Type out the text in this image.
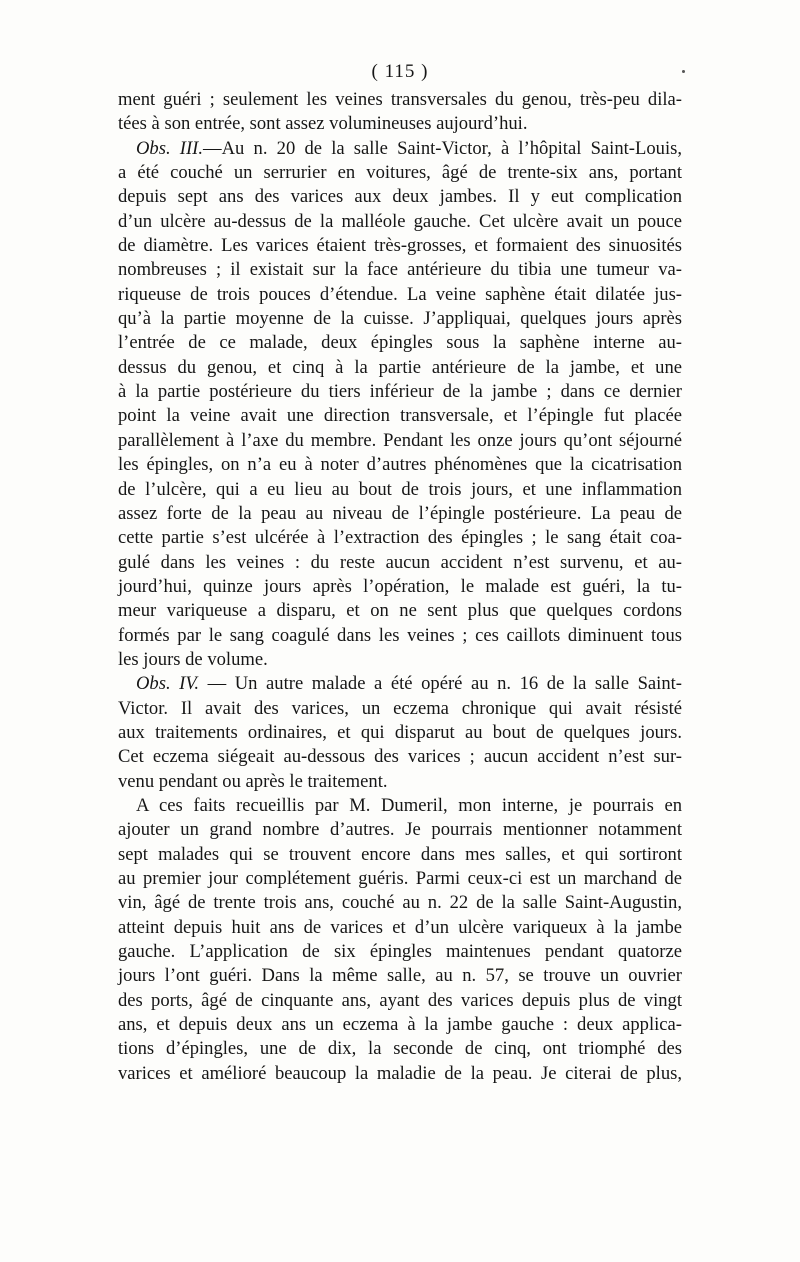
( 115 )
ment guéri ; seulement les veines transversales du genou, très-peu dila-
tées à son entrée, sont assez volumineuses aujourd’hui.
Obs. III.—Au n. 20 de la salle Saint-Victor, à l’hôpital Saint-Louis,
a été couché un serrurier en voitures, âgé de trente-six ans, portant
depuis sept ans des varices aux deux jambes. Il y eut complication
d’un ulcère au-dessus de la malléole gauche. Cet ulcère avait un pouce
de diamètre. Les varices étaient très-grosses, et formaient des sinuosités
nombreuses ; il existait sur la face antérieure du tibia une tumeur va-
riqueuse de trois pouces d’étendue. La veine saphène était dilatée jus-
qu’à la partie moyenne de la cuisse. J’appliquai, quelques jours après
l’entrée de ce malade, deux épingles sous la saphène interne au-
dessus du genou, et cinq à la partie antérieure de la jambe, et une
à la partie postérieure du tiers inférieur de la jambe ; dans ce dernier
point la veine avait une direction transversale, et l’épingle fut placée
parallèlement à l’axe du membre. Pendant les onze jours qu’ont séjourné
les épingles, on n’a eu à noter d’autres phénomènes que la cicatrisation
de l’ulcère, qui a eu lieu au bout de trois jours, et une inflammation
assez forte de la peau au niveau de l’épingle postérieure. La peau de
cette partie s’est ulcérée à l’extraction des épingles ; le sang était coa-
gulé dans les veines : du reste aucun accident n’est survenu, et au-
jourd’hui, quinze jours après l’opération, le malade est guéri, la tu-
meur variqueuse a disparu, et on ne sent plus que quelques cordons
formés par le sang coagulé dans les veines ; ces caillots diminuent tous
les jours de volume.
Obs. IV. — Un autre malade a été opéré au n. 16 de la salle Saint-
Victor. Il avait des varices, un eczema chronique qui avait résisté
aux traitements ordinaires, et qui disparut au bout de quelques jours.
Cet eczema siégeait au-dessous des varices ; aucun accident n’est sur-
venu pendant ou après le traitement.
A ces faits recueillis par M. Dumeril, mon interne, je pourrais en
ajouter un grand nombre d’autres. Je pourrais mentionner notamment
sept malades qui se trouvent encore dans mes salles, et qui sortiront
au premier jour complétement guéris. Parmi ceux-ci est un marchand de
vin, âgé de trente trois ans, couché au n. 22 de la salle Saint-Augustin,
atteint depuis huit ans de varices et d’un ulcère variqueux à la jambe
gauche. L’application de six épingles maintenues pendant quatorze
jours l’ont guéri. Dans la même salle, au n. 57, se trouve un ouvrier
des ports, âgé de cinquante ans, ayant des varices depuis plus de vingt
ans, et depuis deux ans un eczema à la jambe gauche : deux applica-
tions d’épingles, une de dix, la seconde de cinq, ont triomphé des
varices et amélioré beaucoup la maladie de la peau. Je citerai de plus,
